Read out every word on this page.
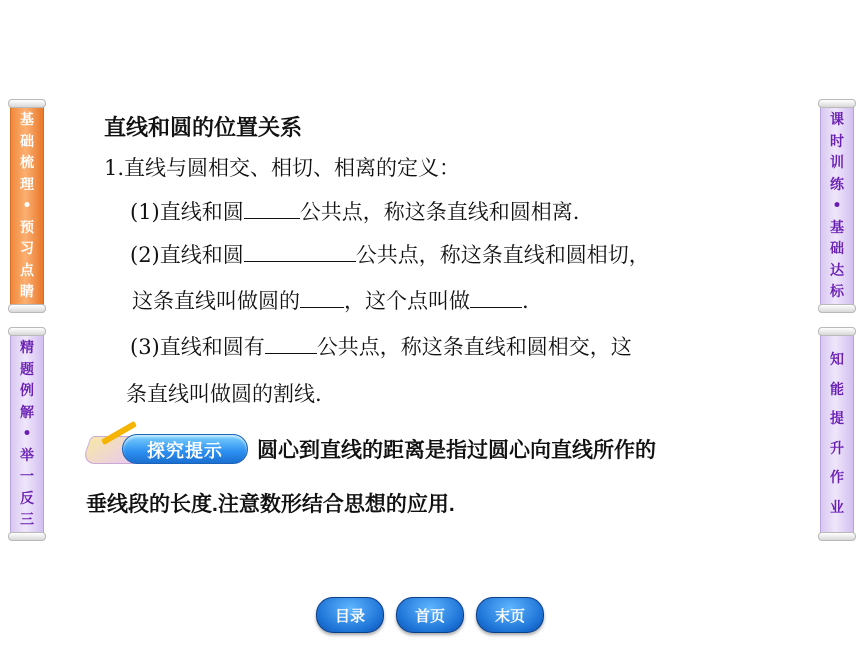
基
础
梳
理
•
预
习
点
睛
精
题
例
解
•
举
一
反
三
课
时
训
练
•
基
础
达
标
知
能
提
升
作
业
直线和圆的位置关系
1.直线与圆相交、相切、相离的定义：
(1)直线和圆	公共点，称这条直线和圆相离.
(2)直线和圆	公共点，称这条直线和圆相切，
这条直线叫做圆的 ，这个点叫做 .
(3)直线和圆有 公共点，称这条直线和圆相交，这
条直线叫做圆的割线.
探究提示	圆心到直线的距离是指过圆心向直线所作的
垂线段的长度.注意数形结合思想的应用.
目录	首页	末页
